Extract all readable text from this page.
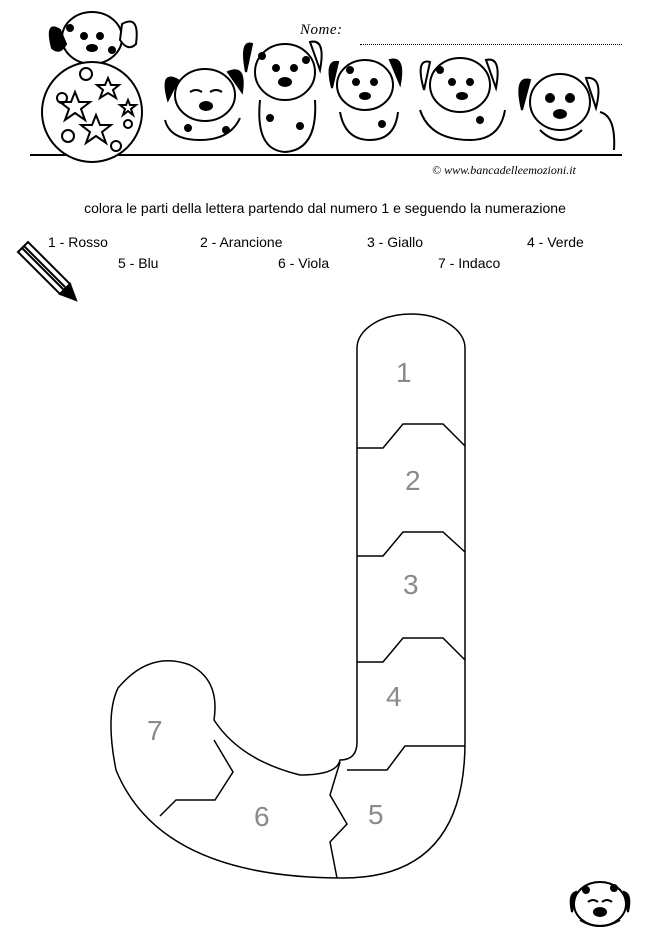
Nome:
© www.bancadelleemozioni.it
colora le parti della lettera partendo dal numero 1 e seguendo la numerazione
1 - Rosso	2 - Arancione	3 - Giallo	4 - Verde
5 - Blu	6 - Viola	7 - Indaco
1
2
3
4
5
6
7
